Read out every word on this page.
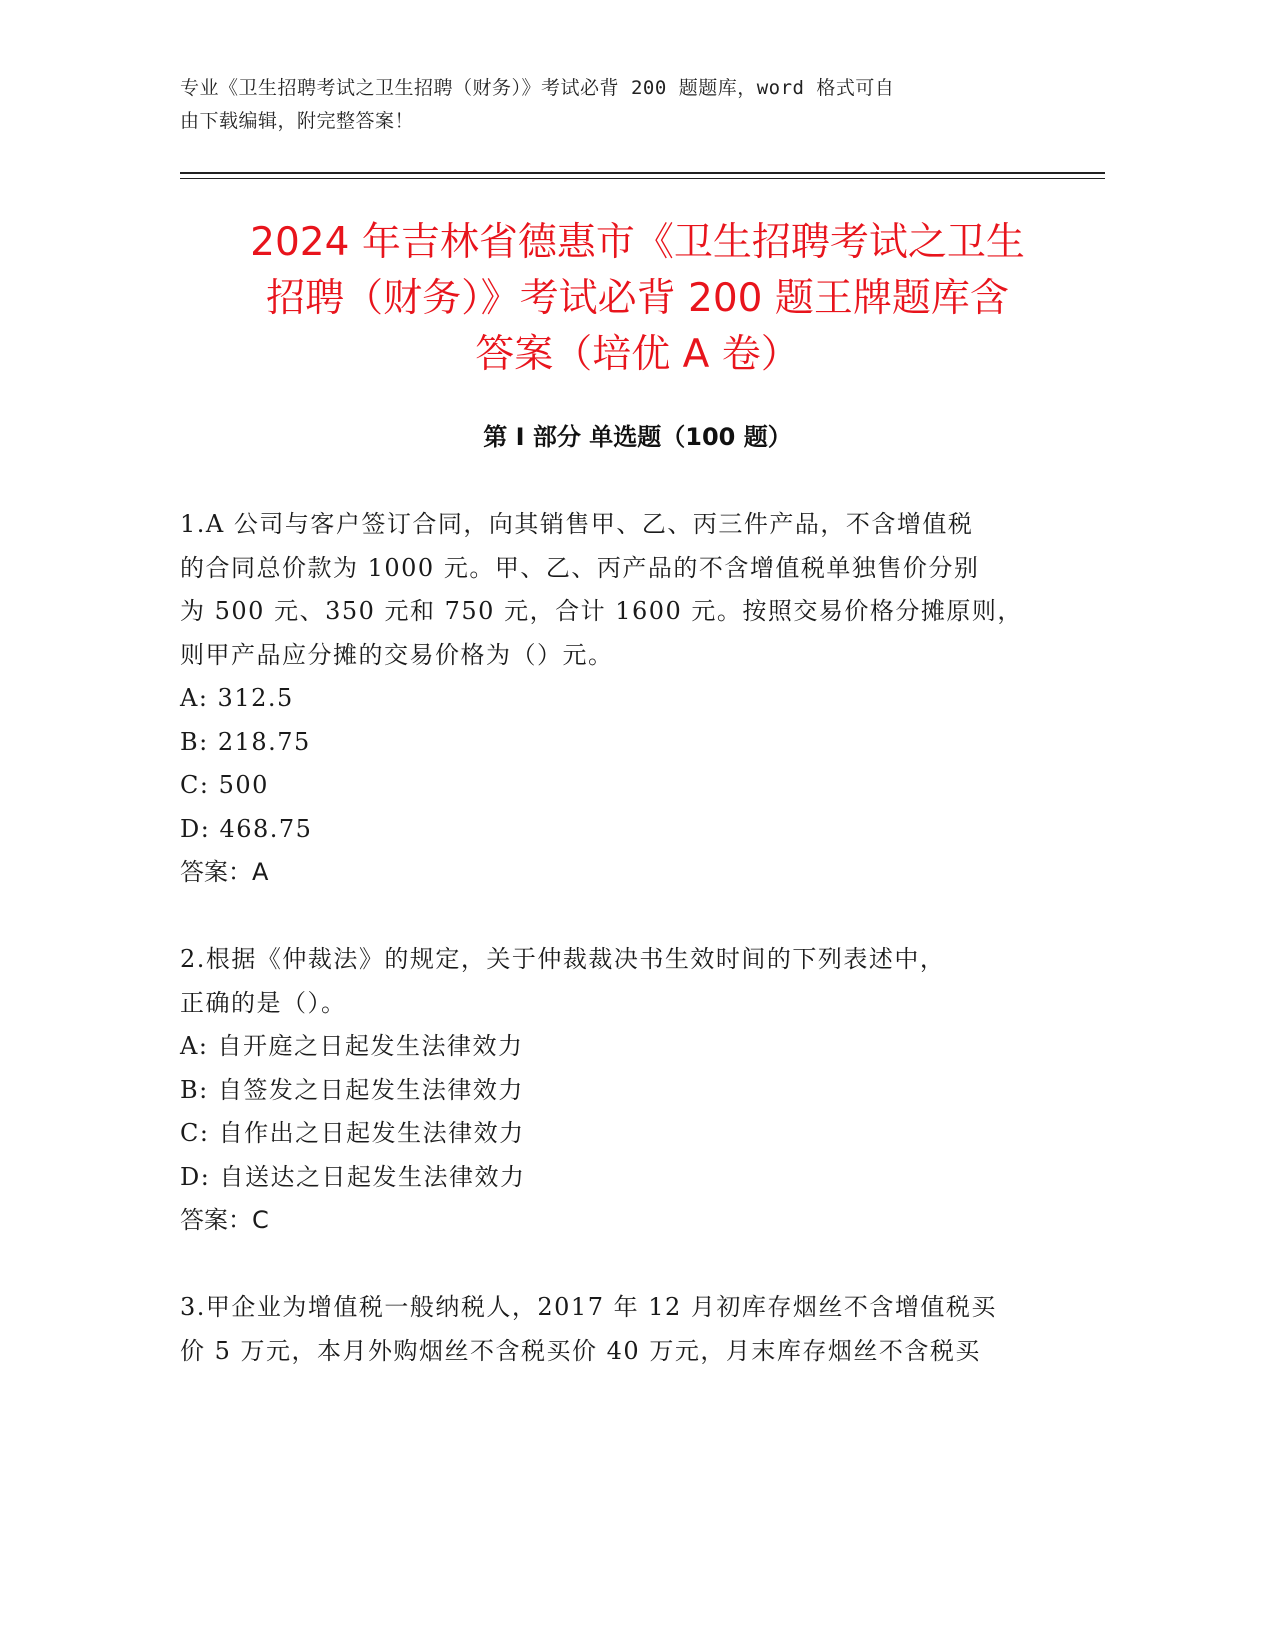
专业《卫生招聘考试之卫生招聘（财务）》考试必背 200 题题库，word 格式可自
由下载编辑，附完整答案！
2024 年吉林省德惠市《卫生招聘考试之卫生
招聘（财务）》考试必背 200 题王牌题库含
答案（培优 A 卷）
第 I 部分 单选题（100 题）

1.A 公司与客户签订合同，向其销售甲、乙、丙三件产品，不含增值税

的合同总价款为 1000 元。甲、乙、丙产品的不含增值税单独售价分别

为 500 元、350 元和 750 元，合计 1600 元。按照交易价格分摊原则，

则甲产品应分摊的交易价格为（）元。

A: 312.5

B: 218.75

C: 500

D: 468.75

答案：A

2.根据《仲裁法》的规定，关于仲裁裁决书生效时间的下列表述中，

正确的是（）。

A: 自开庭之日起发生法律效力

B: 自签发之日起发生法律效力

C: 自作出之日起发生法律效力

D: 自送达之日起发生法律效力

答案：C

3.甲企业为增值税一般纳税人，2017 年 12 月初库存烟丝不含增值税买

价 5 万元，本月外购烟丝不含税买价 40 万元，月末库存烟丝不含税买
